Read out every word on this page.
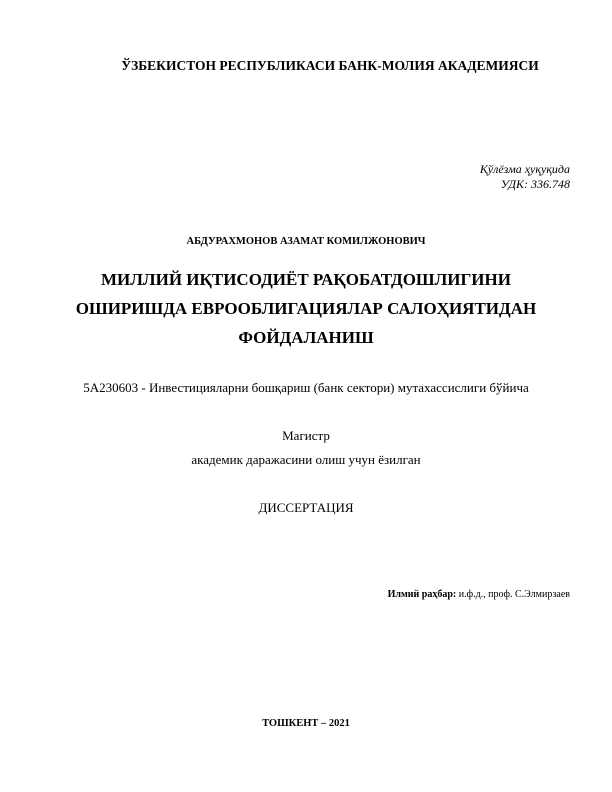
ЎЗБЕКИСТОН РЕСПУБЛИКАСИ БАНК-МОЛИЯ АКАДЕМИЯСИ
Қўлёзма ҳуқуқида
УДК: 336.748
АБДУРАХМОНОВ АЗАМАТ КОМИЛЖОНОВИЧ
МИЛЛИЙ ИҚТИСОДИЁТ РАҚОБАТДОШЛИГИНИ
ОШИРИШДА ЕВРООБЛИГАЦИЯЛАР САЛОҲИЯТИДАН
ФОЙДАЛАНИШ
5А230603 - Инвестицияларни бошқариш (банк сектори) мутахассислиги бўйича
Магистр
академик даражасини олиш учун ёзилган
ДИССЕРТАЦИЯ
Илмий раҳбар: и.ф.д., проф. С.Элмирзаев
ТОШКЕНТ – 2021
